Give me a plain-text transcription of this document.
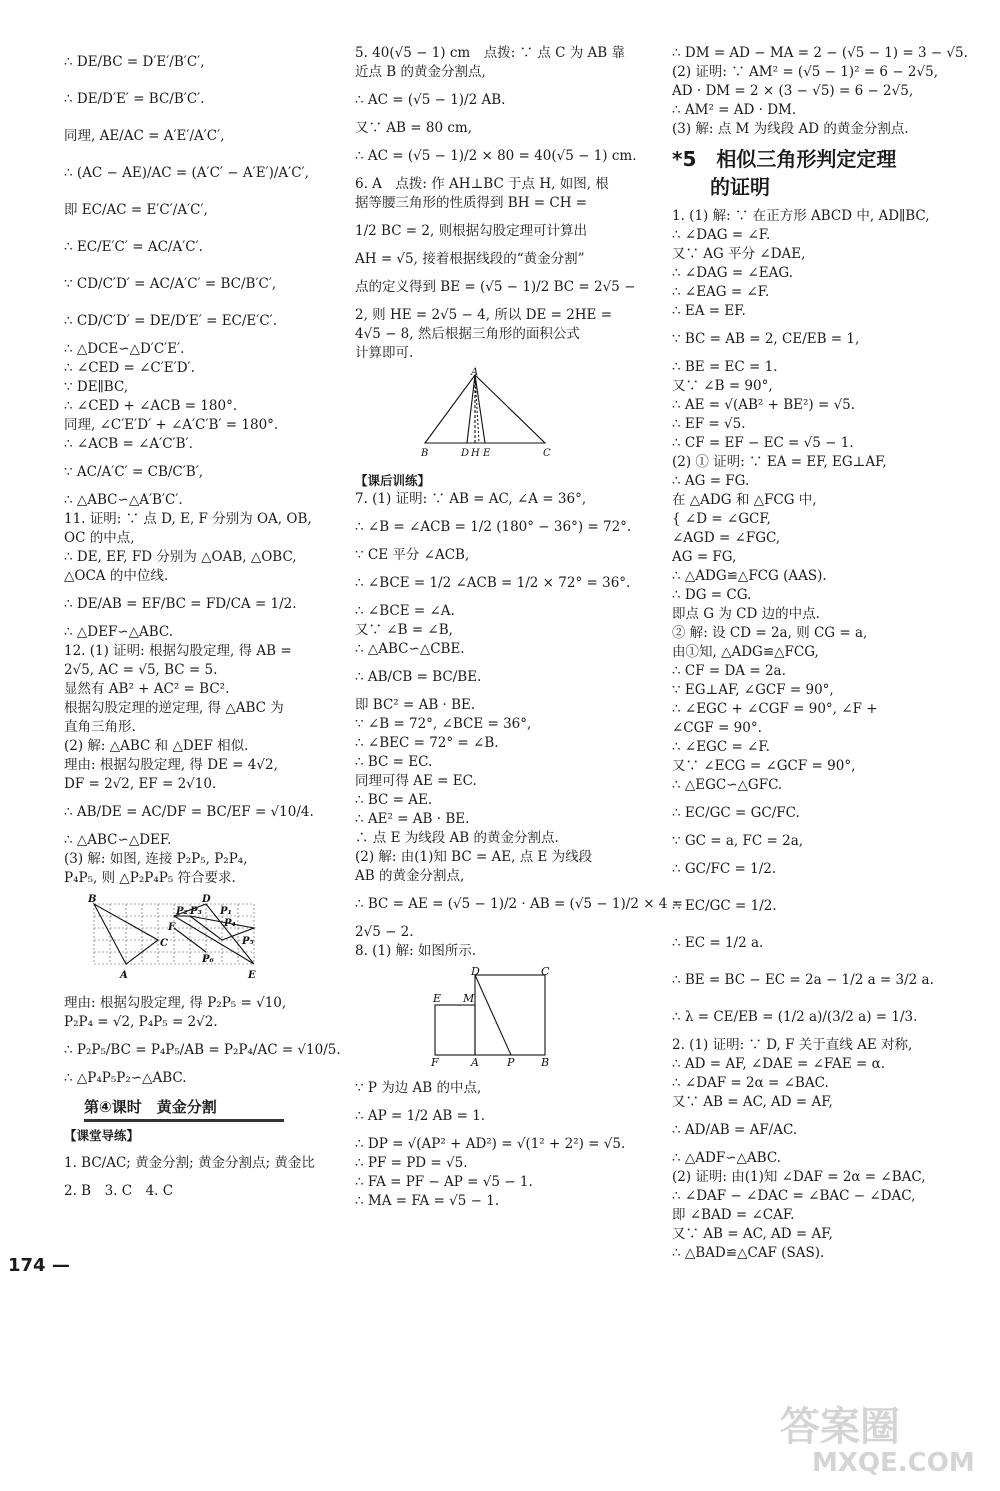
答案圈
MXQE.COM
∴ DE/BC = D′E′/B′C′,
∴ DE/D′E′ = BC/B′C′.
同理, AE/AC = A′E′/A′C′,
∴ (AC − AE)/AC = (A′C′ − A′E′)/A′C′,
即 EC/AC = E′C′/A′C′,
∴ EC/E′C′ = AC/A′C′.
∵ CD/C′D′ = AC/A′C′ = BC/B′C′,
∴ CD/C′D′ = DE/D′E′ = EC/E′C′.
∴ △DCE∽△D′C′E′.
∴ ∠CED = ∠C′E′D′.
∵ DE∥BC,
∴ ∠CED + ∠ACB = 180°.
同理, ∠C′E′D′ + ∠A′C′B′ = 180°.
∴ ∠ACB = ∠A′C′B′.
∵ AC/A′C′ = CB/C′B′,
∴ △ABC∽△A′B′C′.
11. 证明: ∵ 点 D, E, F 分别为 OA, OB,
OC 的中点,
∴ DE, EF, FD 分别为 △OAB, △OBC,
△OCA 的中位线.
∴ DE/AB = EF/BC = FD/CA = 1/2.
∴ △DEF∽△ABC.
12. (1) 证明: 根据勾股定理, 得 AB =
2√5, AC = √5, BC = 5.
显然有 AB² + AC² = BC².
根据勾股定理的逆定理, 得 △ABC 为
直角三角形.
(2) 解: △ABC 和 △DEF 相似.
理由: 根据勾股定理, 得 DE = 4√2,
DF = 2√2, EF = 2√10.
∴ AB/DE = AC/DF = BC/EF = √10/4.
∴ △ABC∽△DEF.
(3) 解: 如图, 连接 P₂P₅, P₂P₄,
P₄P₅, 则 △P₂P₄P₅ 符合要求.
B	D
P₂ P₃ P₁
F	P₄
C	P₅
A	E
P₆
理由: 根据勾股定理, 得 P₂P₅ = √10,
P₂P₄ = √2, P₄P₅ = 2√2.
∴ P₂P₅/BC = P₄P₅/AB = P₂P₄/AC = √10/5.
∴ △P₄P₅P₂∽△ABC.
第④课时　黄金分割
【课堂导练】
1. BC/AC; 黄金分割; 黄金分割点; 黄金比
2. B　3. C　4. C
5. 40(√5 − 1) cm　点拨: ∵ 点 C 为 AB 靠
近点 B 的黄金分割点,
∴ AC = (√5 − 1)/2 AB.
又∵ AB = 80 cm,
∴ AC = (√5 − 1)/2 × 80 = 40(√5 − 1) cm.
6. A　点拨: 作 AH⊥BC 于点 H, 如图, 根
据等腰三角形的性质得到 BH = CH =
1/2 BC = 2, 则根据勾股定理可计算出
AH = √5, 接着根据线段的“黄金分割”
点的定义得到 BE = (√5 − 1)/2 BC = 2√5 −
2, 则 HE = 2√5 − 4, 所以 DE = 2HE =
4√5 − 8, 然后根据三角形的面积公式
计算即可.
A
B	D H E	C
【课后训练】
7. (1) 证明: ∵ AB = AC, ∠A = 36°,
∴ ∠B = ∠ACB = 1/2 (180° − 36°) = 72°.
∵ CE 平分 ∠ACB,
∴ ∠BCE = 1/2 ∠ACB = 1/2 × 72° = 36°.
∴ ∠BCE = ∠A.
又∵ ∠B = ∠B,
∴ △ABC∽△CBE.
∴ AB/CB = BC/BE.
即 BC² = AB · BE.
∵ ∠B = 72°, ∠BCE = 36°,
∴ ∠BEC = 72° = ∠B.
∴ BC = EC.
同理可得 AE = EC.
∴ BC = AE.
∴ AE² = AB · BE.
∴ 点 E 为线段 AB 的黄金分割点.
(2) 解: 由(1)知 BC = AE, 点 E 为线段
AB 的黄金分割点,
∴ BC = AE = (√5 − 1)/2 · AB = (√5 − 1)/2 × 4 =
2√5 − 2.
8. (1) 解: 如图所示.
D	C
E M
F	A	P B
∵ P 为边 AB 的中点,
∴ AP = 1/2 AB = 1.
∴ DP = √(AP² + AD²) = √(1² + 2²) = √5.
∴ PF = PD = √5.
∴ FA = PF − AP = √5 − 1.
∴ MA = FA = √5 − 1.
∴ DM = AD − MA = 2 − (√5 − 1) = 3 − √5.
(2) 证明: ∵ AM² = (√5 − 1)² = 6 − 2√5,
AD · DM = 2 × (3 − √5) = 6 − 2√5,
∴ AM² = AD · DM.
(3) 解: 点 M 为线段 AD 的黄金分割点.
*5　相似三角形判定定理
的证明
1. (1) 解: ∵ 在正方形 ABCD 中, AD∥BC,
∴ ∠DAG = ∠F.
又∵ AG 平分 ∠DAE,
∴ ∠DAG = ∠EAG.
∴ ∠EAG = ∠F.
∴ EA = EF.
∵ BC = AB = 2, CE/EB = 1,
∴ BE = EC = 1.
又∵ ∠B = 90°,
∴ AE = √(AB² + BE²) = √5.
∴ EF = √5.
∴ CF = EF − EC = √5 − 1.
(2) ① 证明: ∵ EA = EF, EG⊥AF,
∴ AG = FG.
在 △ADG 和 △FCG 中,
{ ∠D = ∠GCF,
∠AGD = ∠FGC,
AG = FG,
∴ △ADG≌△FCG (AAS).
∴ DG = CG.
即点 G 为 CD 边的中点.
② 解: 设 CD = 2a, 则 CG = a,
由①知, △ADG≌△FCG,
∴ CF = DA = 2a.
∵ EG⊥AF, ∠GCF = 90°,
∴ ∠EGC + ∠CGF = 90°, ∠F +
∠CGF = 90°.
∴ ∠EGC = ∠F.
又∵ ∠ECG = ∠GCF = 90°,
∴ △EGC∽△GFC.
∴ EC/GC = GC/FC.
∵ GC = a, FC = 2a,
∴ GC/FC = 1/2.
∴ EC/GC = 1/2.
∴ EC = 1/2 a.
∴ BE = BC − EC = 2a − 1/2 a = 3/2 a.
∴ λ = CE/EB = (1/2 a)/(3/2 a) = 1/3.
2. (1) 证明: ∵ D, F 关于直线 AE 对称,
∴ AD = AF, ∠DAE = ∠FAE = α.
∴ ∠DAF = 2α = ∠BAC.
又∵ AB = AC, AD = AF,
∴ AD/AB = AF/AC.
∴ △ADF∽△ABC.
(2) 证明: 由(1)知 ∠DAF = 2α = ∠BAC,
∴ ∠DAF − ∠DAC = ∠BAC − ∠DAC,
即 ∠BAD = ∠CAF.
又∵ AB = AC, AD = AF,
∴ △BAD≌△CAF (SAS).
174 —
